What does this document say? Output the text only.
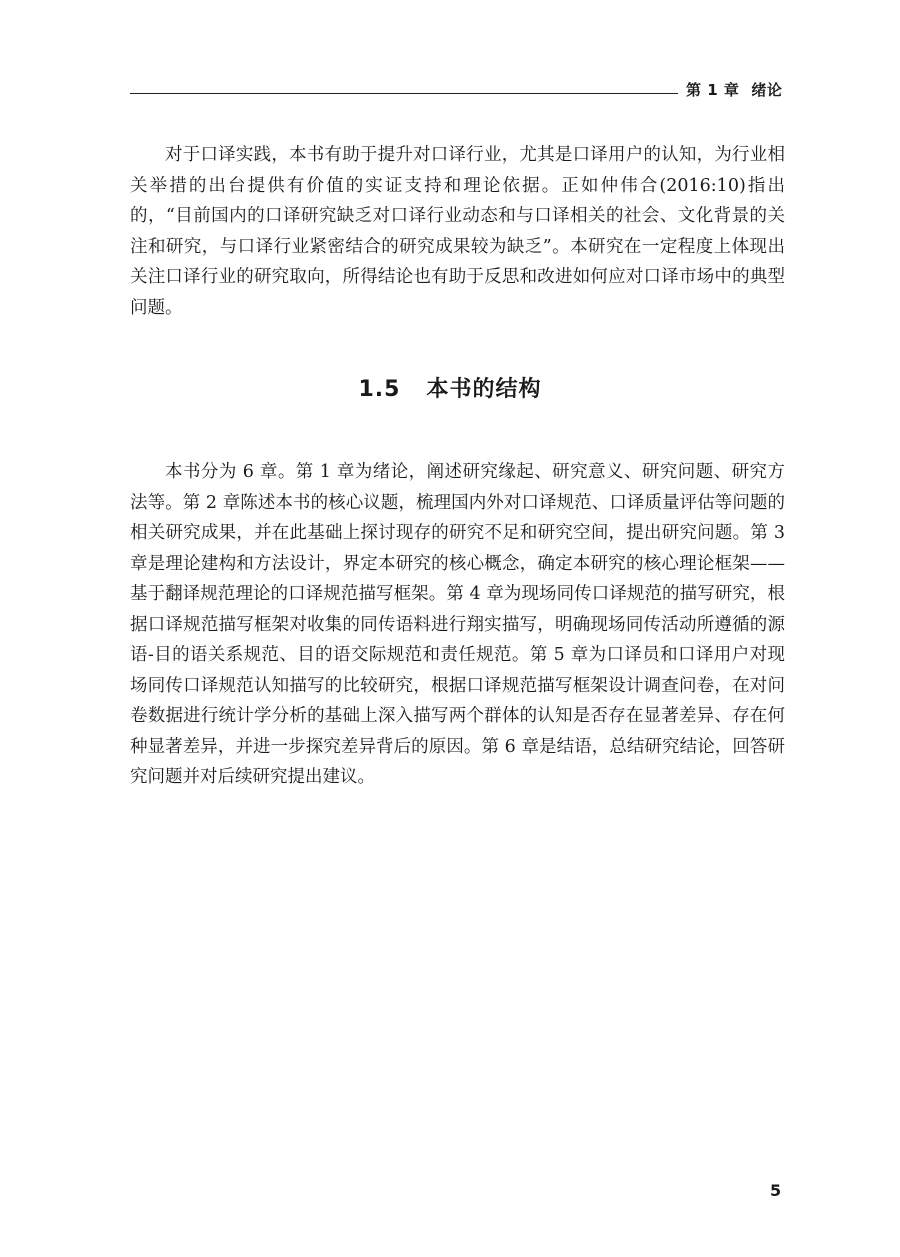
第 1 章 绪论

对于口译实践，本书有助于提升对口译行业，尤其是口译用户的认知，为行业相关举措的出台提供有价值的实证支持和理论依据。正如仲伟合(2016:10)指出的，“目前国内的口译研究缺乏对口译行业动态和与口译相关的社会、文化背景的关注和研究，与口译行业紧密结合的研究成果较为缺乏”。本研究在一定程度上体现出关注口译行业的研究取向，所得结论也有助于反思和改进如何应对口译市场中的典型问题。

1.5 本书的结构

本书分为 6 章。第 1 章为绪论，阐述研究缘起、研究意义、研究问题、研究方法等。第 2 章陈述本书的核心议题，梳理国内外对口译规范、口译质量评估等问题的相关研究成果，并在此基础上探讨现存的研究不足和研究空间，提出研究问题。第 3 章是理论建构和方法设计，界定本研究的核心概念，确定本研究的核心理论框架——基于翻译规范理论的口译规范描写框架。第 4 章为现场同传口译规范的描写研究，根据口译规范描写框架对收集的同传语料进行翔实描写，明确现场同传活动所遵循的源语-目的语关系规范、目的语交际规范和责任规范。第 5 章为口译员和口译用户对现场同传口译规范认知描写的比较研究，根据口译规范描写框架设计调查问卷，在对问卷数据进行统计学分析的基础上深入描写两个群体的认知是否存在显著差异、存在何种显著差异，并进一步探究差异背后的原因。第 6 章是结语，总结研究结论，回答研究问题并对后续研究提出建议。

5
